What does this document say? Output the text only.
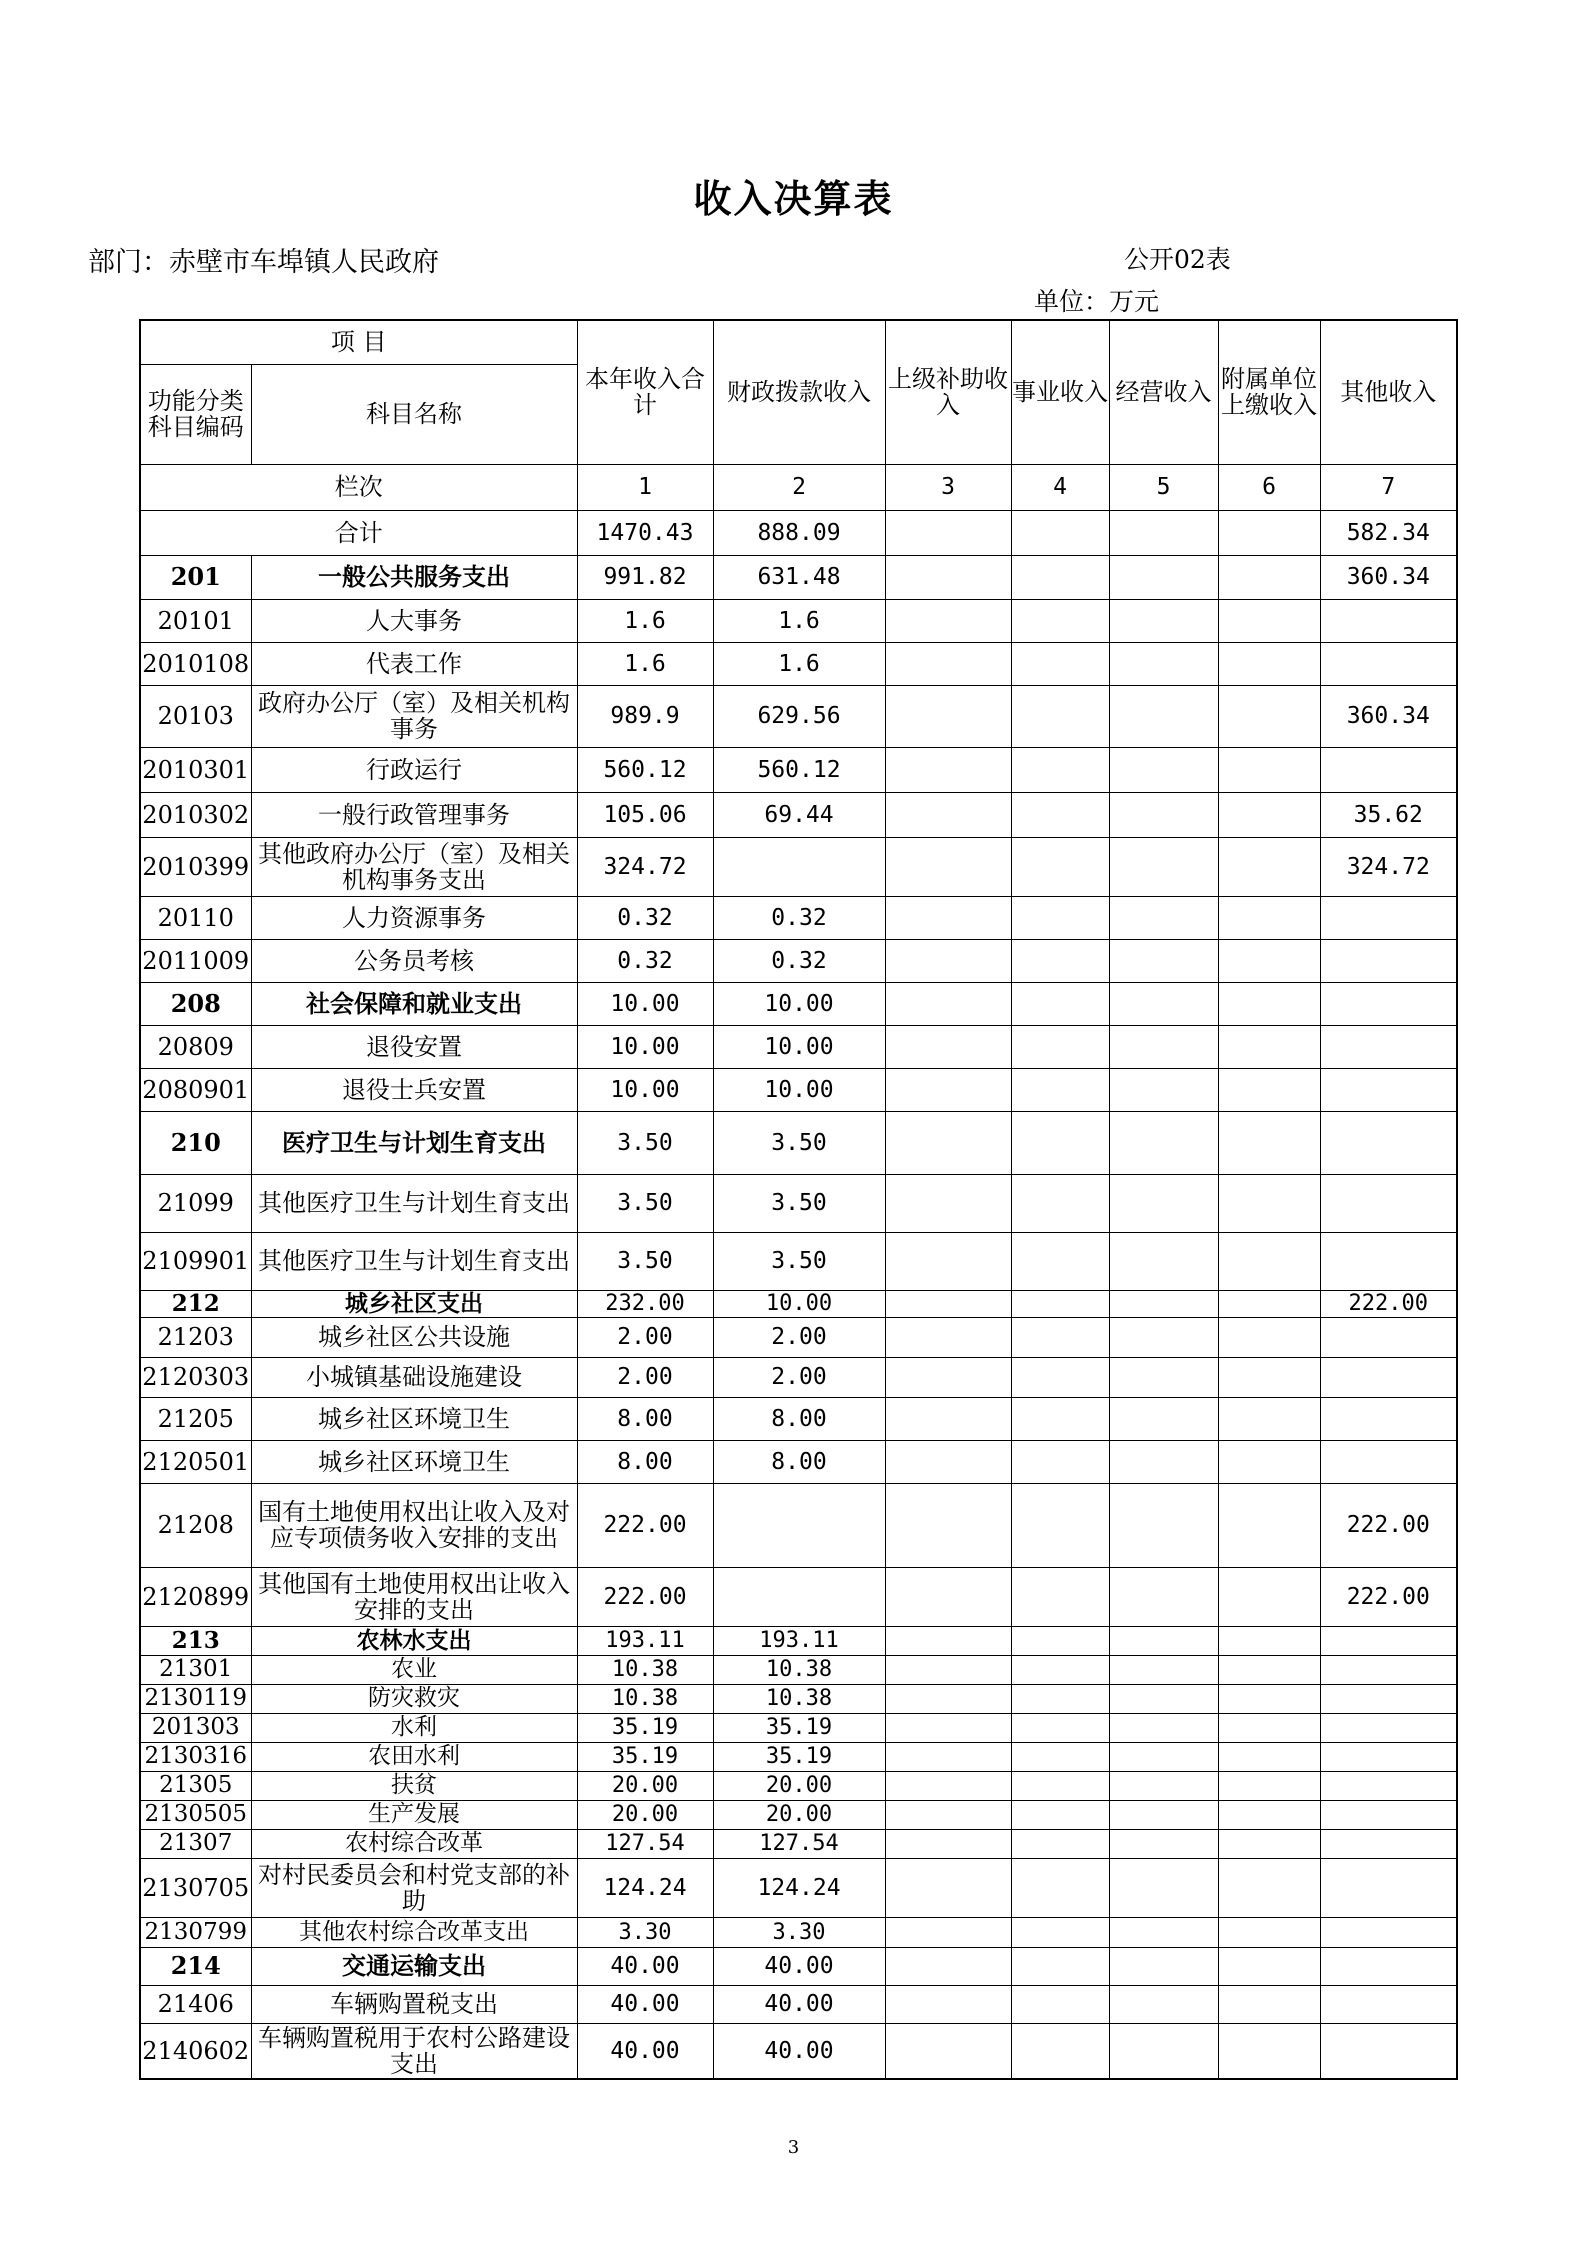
收入决算表
部门：赤壁市车埠镇人民政府	公开02表
单位：万元
项 目		本年收入合计	财政拨款收入	上级补助收入	事业收入	经营收入	附属单位上缴收入	其他收入
功能分类科目编码	科目名称							
栏次		1	2	3	4	5	6	7
合计		1470.43	888.09					582.34
201	一般公共服务支出	991.82	631.48					360.34
20101	人大事务	1.6	1.6					
2010108	代表工作	1.6	1.6					
20103	政府办公厅（室）及相关机构事务	989.9	629.56					360.34
2010301	行政运行	560.12	560.12					
2010302	一般行政管理事务	105.06	69.44					35.62
2010399	其他政府办公厅（室）及相关机构事务支出	324.72						324.72
20110	人力资源事务	0.32	0.32					
2011009	公务员考核	0.32	0.32					
208	社会保障和就业支出	10.00	10.00					
20809	退役安置	10.00	10.00					
2080901	退役士兵安置	10.00	10.00					
210	医疗卫生与计划生育支出	3.50	3.50					
21099	其他医疗卫生与计划生育支出	3.50	3.50					
2109901	其他医疗卫生与计划生育支出	3.50	3.50					
212	城乡社区支出	232.00	10.00					222.00
21203	城乡社区公共设施	2.00	2.00					
2120303	小城镇基础设施建设	2.00	2.00					
21205	城乡社区环境卫生	8.00	8.00					
2120501	城乡社区环境卫生	8.00	8.00					
21208	国有土地使用权出让收入及对应专项债务收入安排的支出	222.00						222.00
2120899	其他国有土地使用权出让收入安排的支出	222.00						222.00
213	农林水支出	193.11	193.11					
21301	农业	10.38	10.38					
2130119	防灾救灾	10.38	10.38					
201303	水利	35.19	35.19					
2130316	农田水利	35.19	35.19					
21305	扶贫	20.00	20.00					
2130505	生产发展	20.00	20.00					
21307	农村综合改革	127.54	127.54					
2130705	对村民委员会和村党支部的补助	124.24	124.24					
2130799	其他农村综合改革支出	3.30	3.30					
214	交通运输支出	40.00	40.00					
21406	车辆购置税支出	40.00	40.00					
2140602	车辆购置税用于农村公路建设支出	40.00	40.00					
3
